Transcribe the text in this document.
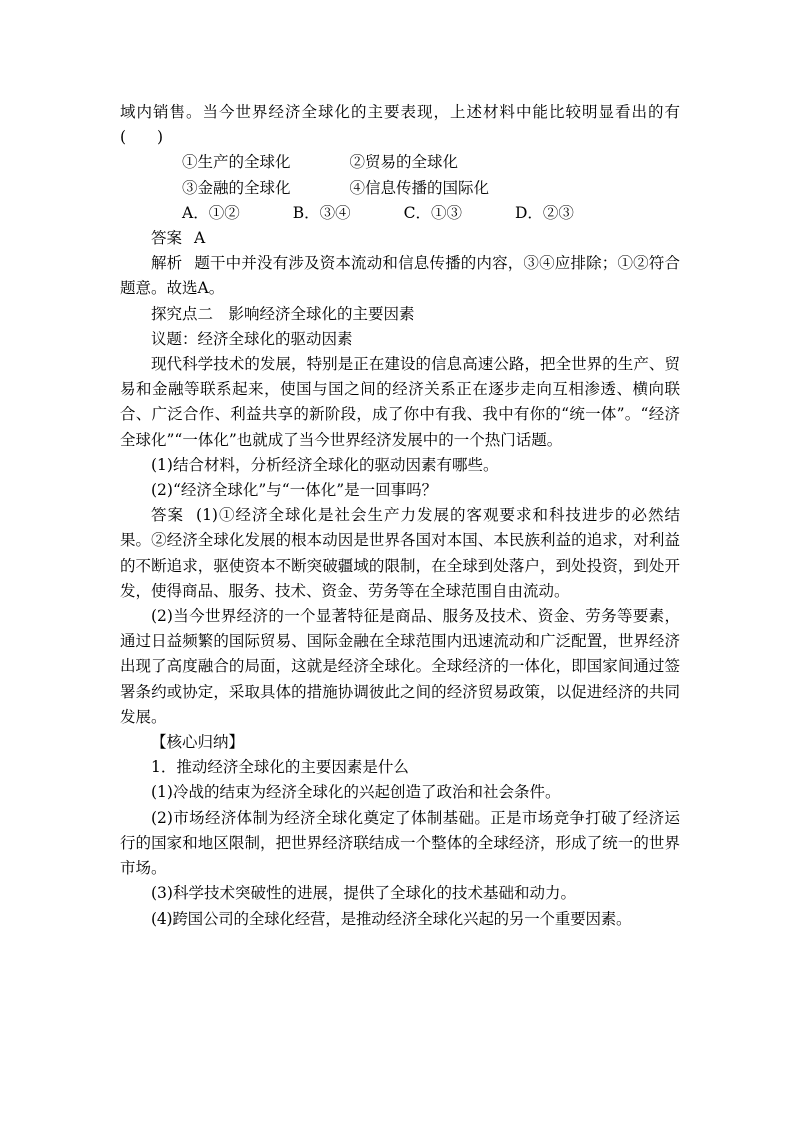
域内销售。当今世界经济全球化的主要表现，上述材料中能比较明显看出的有(　　)

①生产的全球化	②贸易的全球化

③金融的全球化	④信息传播的国际化

A．①②	B．③④	C．①③	D．②③

答案 A

解析 题干中并没有涉及资本流动和信息传播的内容，③④应排除；①②符合题意。故选A。

探究点二　影响经济全球化的主要因素

议题：经济全球化的驱动因素

现代科学技术的发展，特别是正在建设的信息高速公路，把全世界的生产、贸易和金融等联系起来，使国与国之间的经济关系正在逐步走向互相渗透、横向联合、广泛合作、利益共享的新阶段，成了你中有我、我中有你的“统一体”。“经济全球化”“一体化”也就成了当今世界经济发展中的一个热门话题。

(1)结合材料，分析经济全球化的驱动因素有哪些。

(2)“经济全球化”与“一体化”是一回事吗？

答案 (1)①经济全球化是社会生产力发展的客观要求和科技进步的必然结果。②经济全球化发展的根本动因是世界各国对本国、本民族利益的追求，对利益的不断追求，驱使资本不断突破疆域的限制，在全球到处落户，到处投资，到处开发，使得商品、服务、技术、资金、劳务等在全球范围自由流动。

(2)当今世界经济的一个显著特征是商品、服务及技术、资金、劳务等要素，通过日益频繁的国际贸易、国际金融在全球范围内迅速流动和广泛配置，世界经济出现了高度融合的局面，这就是经济全球化。全球经济的一体化，即国家间通过签署条约或协定，采取具体的措施协调彼此之间的经济贸易政策，以促进经济的共同发展。

【核心归纳】

1．推动经济全球化的主要因素是什么

(1)冷战的结束为经济全球化的兴起创造了政治和社会条件。

(2)市场经济体制为经济全球化奠定了体制基础。正是市场竞争打破了经济运行的国家和地区限制，把世界经济联结成一个整体的全球经济，形成了统一的世界市场。

(3)科学技术突破性的进展，提供了全球化的技术基础和动力。

(4)跨国公司的全球化经营，是推动经济全球化兴起的另一个重要因素。
